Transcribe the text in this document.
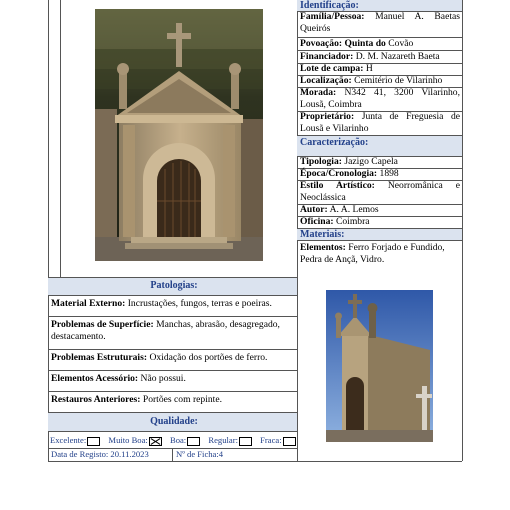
Identificação:
Família/Pessoa: Manuel A. Baetas Queirós
Povoação: Quinta do Covão
Financiador: D. M. Nazareth Baeta
Lote de campa: H
Localização: Cemitério de Vilarinho
Morada: N342 41, 3200 Vilarinho, Lousã, Coimbra
Proprietário: Junta de Freguesia de Lousã e Vilarinho
Caracterização:
Tipologia: Jazigo Capela
Época/Cronologia: 1898
Estilo Artístico: Neorromânica e Neoclássica
Autor: A. A. Lemos
Oficina: Coimbra
Materiais:
Elementos: Ferro Forjado e Fundido, Pedra de Ançã, Vidro.
Patologias:
Material Externo: Incrustações, fungos, terras e poeiras.
Problemas de Superfície: Manchas, abrasão, desagregado, destacamento.
Problemas Estruturais: Oxidação dos portões de ferro.
Elementos Acessório: Não possui.
Restauros Anteriores: Portões com repinte.
Qualidade:
Excelente:	Muito Boa:	Boa:	Regular:	Fraca:
Data de Registo: 20.11.2023	Nº de Ficha:4
